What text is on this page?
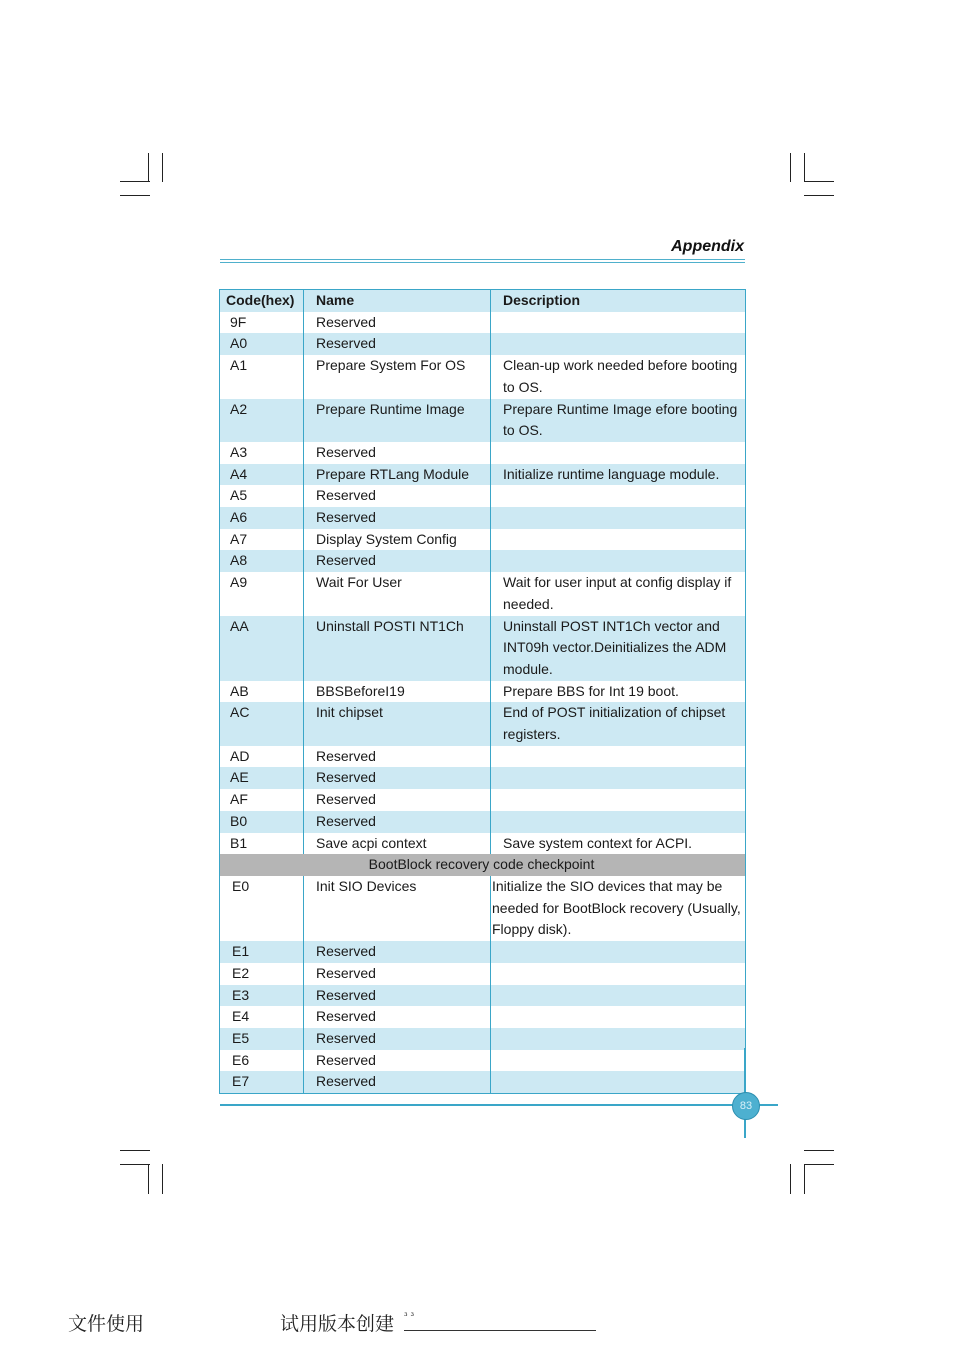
Appendix
Code(hex)	Name	Description
9F	Reserved	
A0	Reserved	
A1	Prepare System For OS	Clean-up work needed before booting to OS.
A2	Prepare Runtime Image	Prepare Runtime Image efore booting to OS.
A3	Reserved	
A4	Prepare RTLang Module	Initialize runtime language module.
A5	Reserved	
A6	Reserved	
A7	Display System Config	
A8	Reserved	
A9	Wait For User	Wait for user input at config display if needed.
AA	Uninstall POSTI NT1Ch	Uninstall POST INT1Ch vector and INT09h vector.Deinitializes the ADM module.
AB	BBSBeforeI19	Prepare BBS for Int 19 boot.
AC	Init chipset	End of POST initialization of chipset registers.
AD	Reserved	
AE	Reserved	
AF	Reserved	
B0	Reserved	
B1	Save acpi context	Save system context for ACPI.
BootBlock recovery code checkpoint		
E0	Init SIO Devices	Initialize the SIO devices that may be needed for BootBlock recovery (Usually, Floppy disk).
E1	Reserved	
E2	Reserved	
E3	Reserved	
E4	Reserved	
E5	Reserved	
E6	Reserved	
E7	Reserved	
83
文件使用	试用版本创建 ³ ³
